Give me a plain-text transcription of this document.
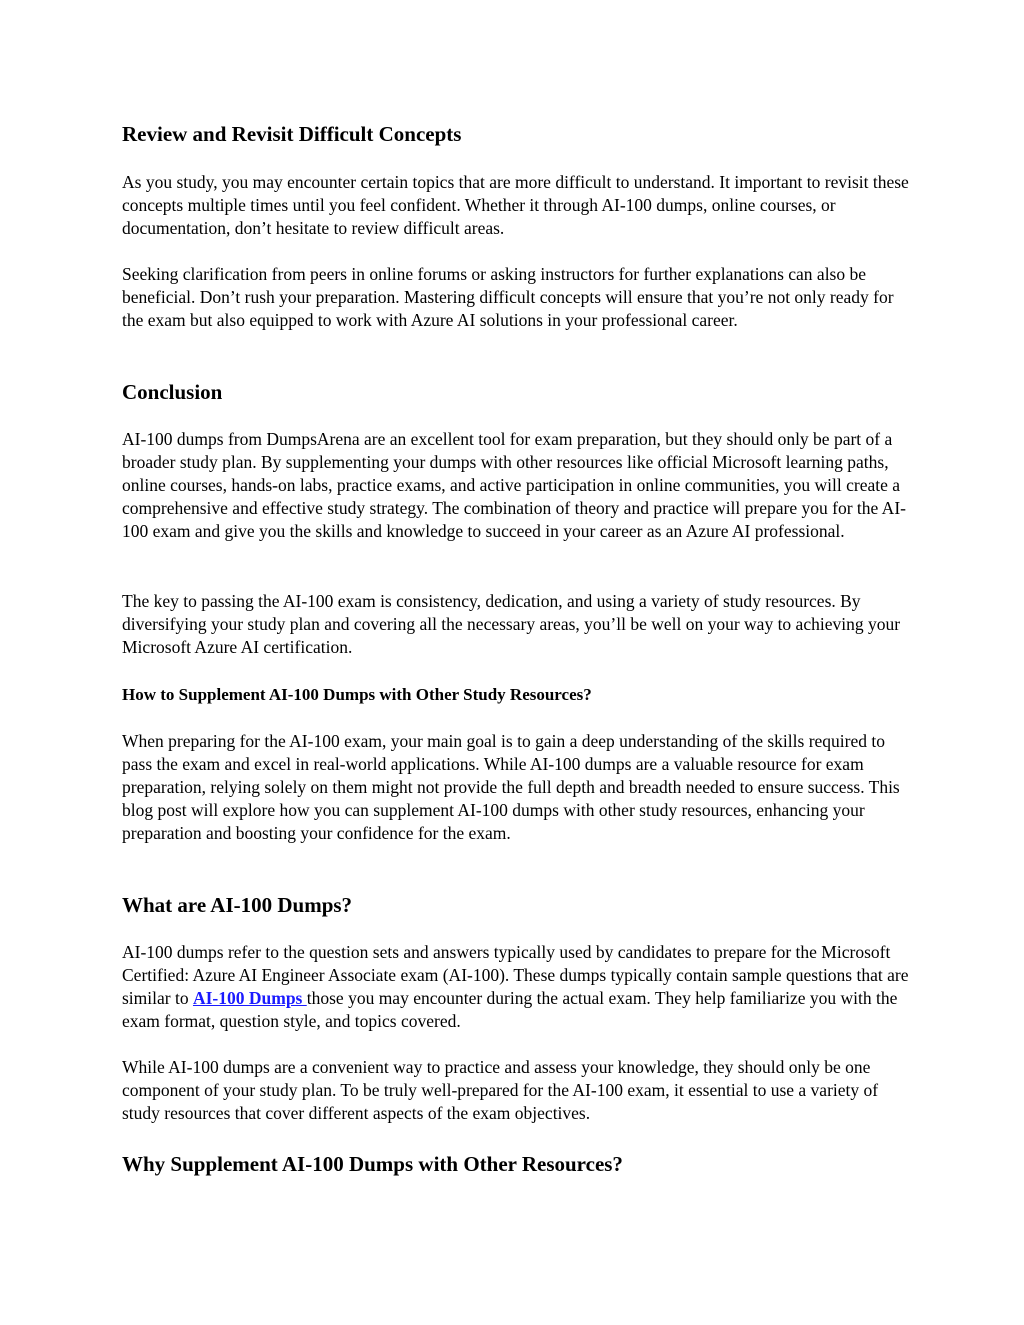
Review and Revisit Difficult Concepts

As you study, you may encounter certain topics that are more difficult to understand. It important to revisit these concepts multiple times until you feel confident. Whether it through AI-100 dumps, online courses, or documentation, don’t hesitate to review difficult areas.

Seeking clarification from peers in online forums or asking instructors for further explanations can also be beneficial. Don’t rush your preparation. Mastering difficult concepts will ensure that you’re not only ready for the exam but also equipped to work with Azure AI solutions in your professional career.

Conclusion

AI-100 dumps from DumpsArena are an excellent tool for exam preparation, but they should only be part of a broader study plan. By supplementing your dumps with other resources like official Microsoft learning paths, online courses, hands-on labs, practice exams, and active participation in online communities, you will create a comprehensive and effective study strategy. The combination of theory and practice will prepare you for the AI-100 exam and give you the skills and knowledge to succeed in your career as an Azure AI professional.

The key to passing the AI-100 exam is consistency, dedication, and using a variety of study resources. By diversifying your study plan and covering all the necessary areas, you’ll be well on your way to achieving your Microsoft Azure AI certification.

How to Supplement AI-100 Dumps with Other Study Resources?

When preparing for the AI-100 exam, your main goal is to gain a deep understanding of the skills required to pass the exam and excel in real-world applications. While AI-100 dumps are a valuable resource for exam preparation, relying solely on them might not provide the full depth and breadth needed to ensure success. This blog post will explore how you can supplement AI-100 dumps with other study resources, enhancing your preparation and boosting your confidence for the exam.

What are AI-100 Dumps?

AI-100 dumps refer to the question sets and answers typically used by candidates to prepare for the Microsoft Certified: Azure AI Engineer Associate exam (AI-100). These dumps typically contain sample questions that are similar to AI-100 Dumps those you may encounter during the actual exam. They help familiarize you with the exam format, question style, and topics covered.

While AI-100 dumps are a convenient way to practice and assess your knowledge, they should only be one component of your study plan. To be truly well-prepared for the AI-100 exam, it essential to use a variety of study resources that cover different aspects of the exam objectives.

Why Supplement AI-100 Dumps with Other Resources?
